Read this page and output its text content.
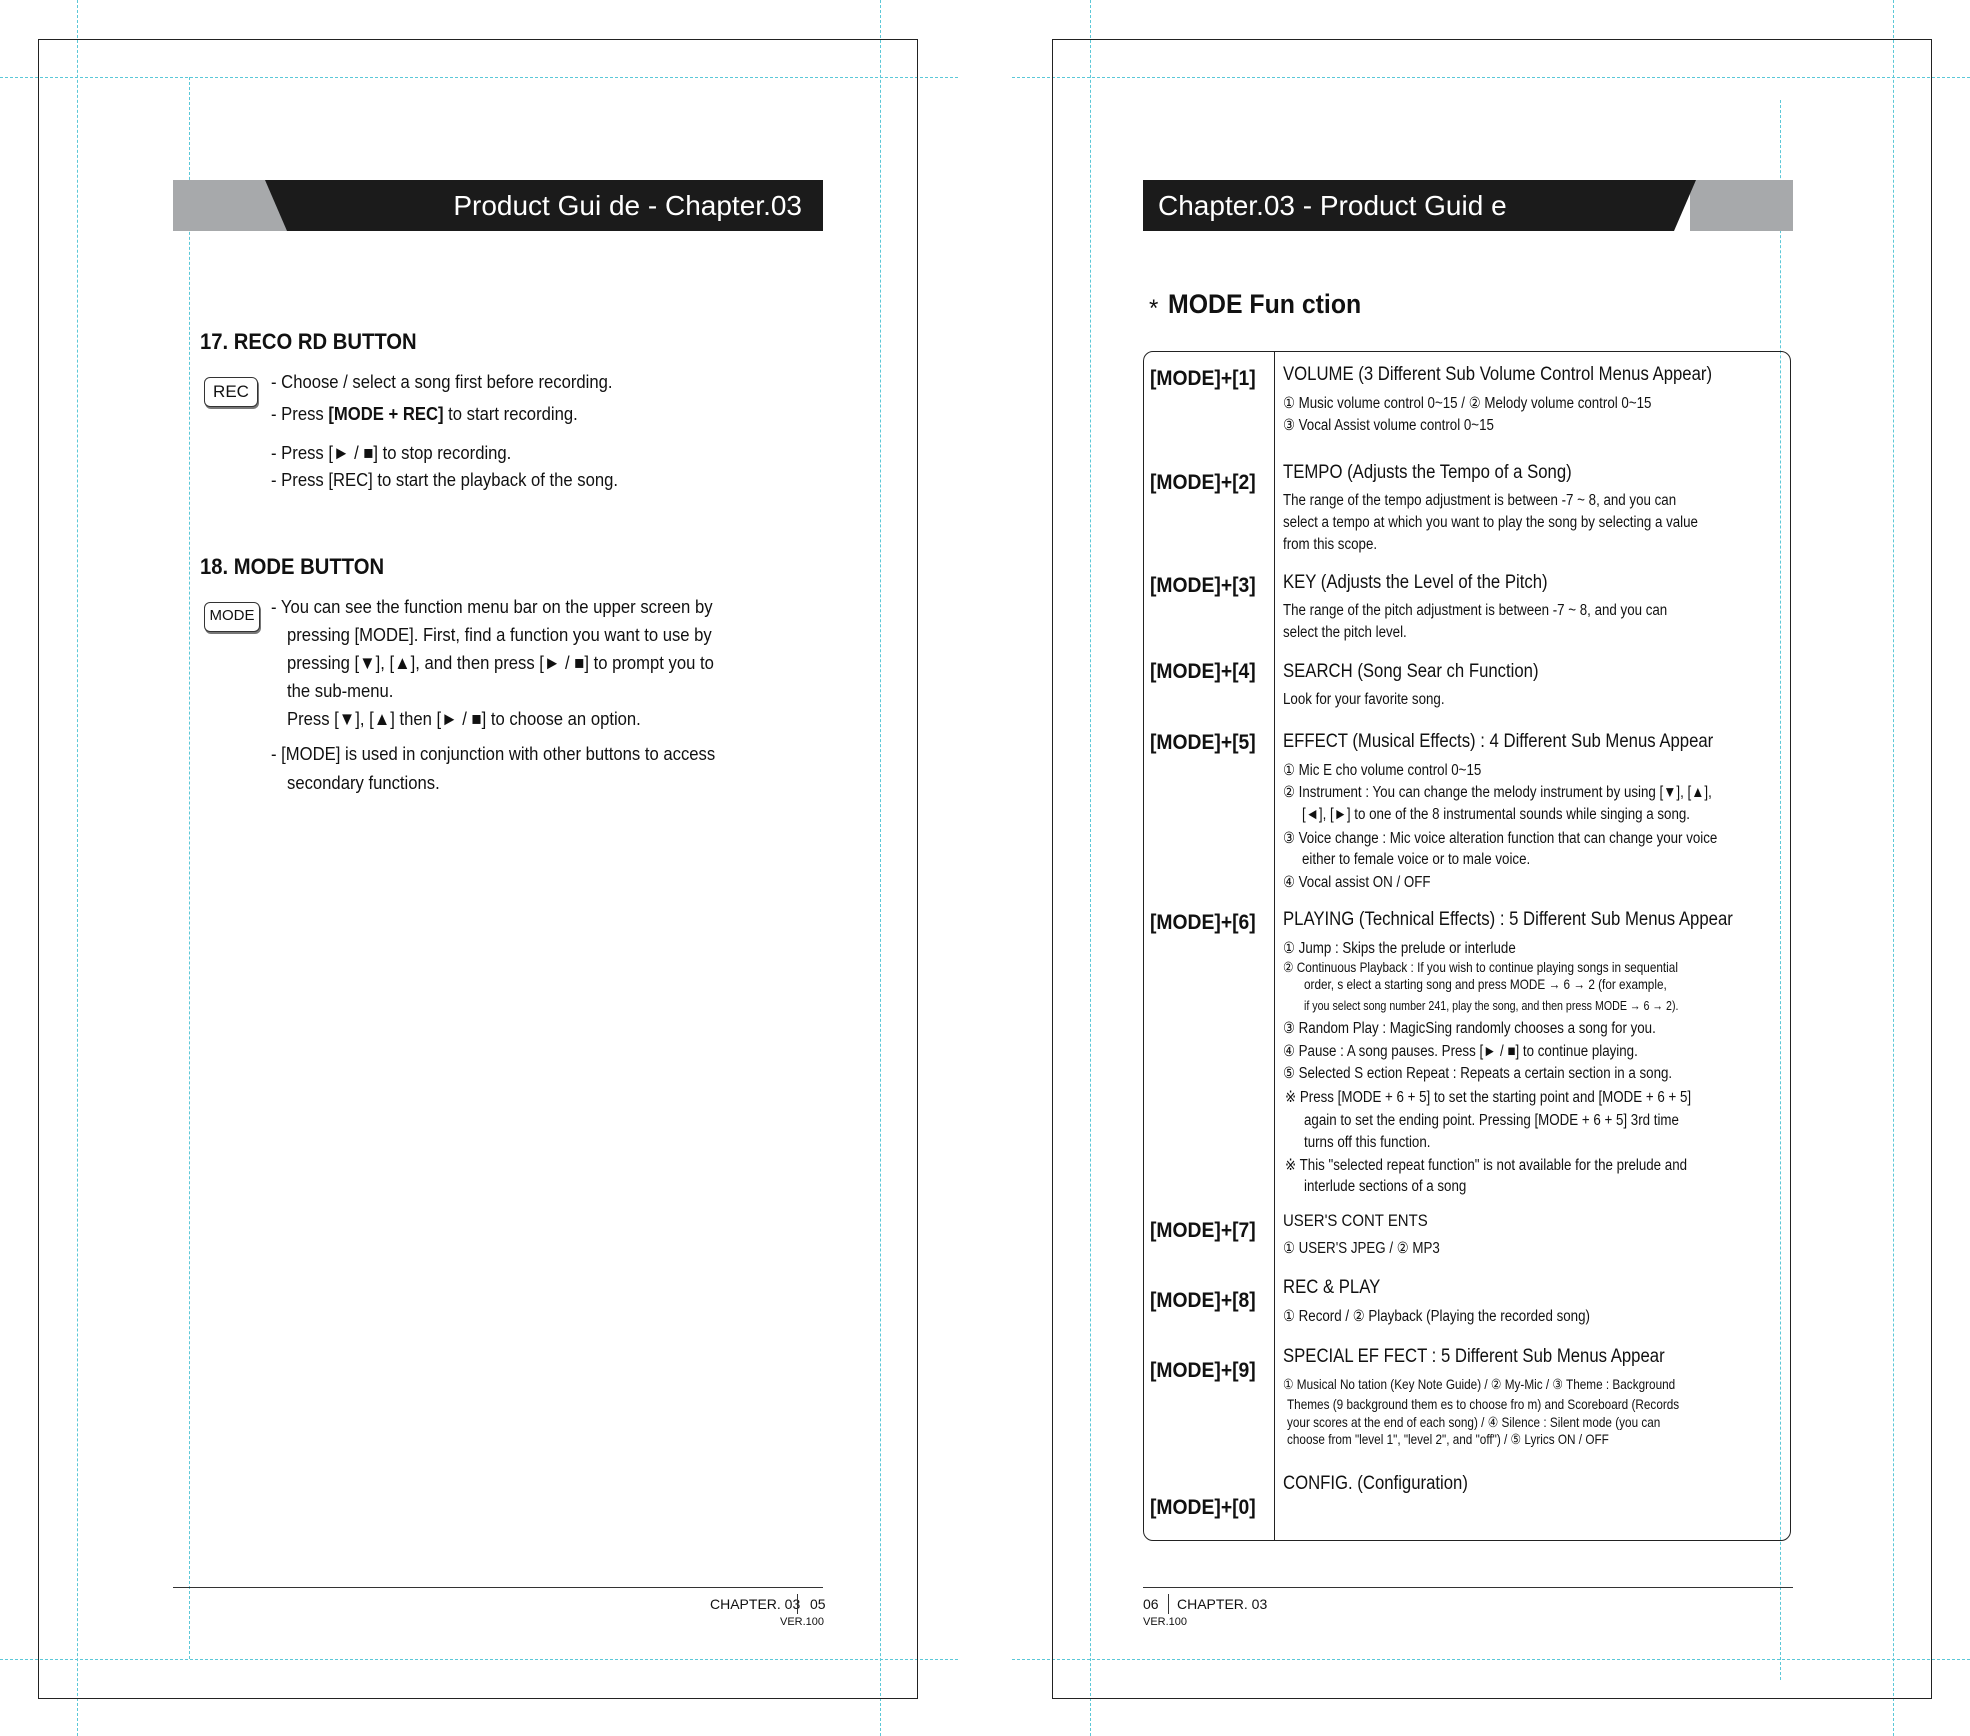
Product Gui de - Chapter.03
17. RECO RD BUTTON
REC	- Choose / select a song first before recording.
- Press [MODE + REC] to start recording.
- Press [► / ■] to stop recording.
- Press [REC] to start the playback of the song.
18. MODE BUTTON
MODE - You can see the function menu bar on the upper screen by
pressing [MODE]. First, find a function you want to use by
pressing [▼], [▲], and then press [► / ■] to prompt you to
the sub-menu.
Press [▼], [▲] then [► / ■] to choose an option.
- [MODE] is used in conjunction with other buttons to access
secondary functions.
CHAPTER. 03 05
VER.100
Chapter.03 - Product Guid e
* MODE Fun ction
[MODE]+[1] VOLUME (3 Different Sub Volume Control Menus Appear)
① Music volume control 0~15 / ② Melody volume control 0~15
③ Vocal Assist volume control 0~15
[MODE]+[2] TEMPO (Adjusts the Tempo of a Song)
The range of the tempo adjustment is between -7 ~ 8, and you can
select a tempo at which you want to play the song by selecting a value
from this scope.
[MODE]+[3] KEY (Adjusts the Level of the Pitch)
The range of the pitch adjustment is between -7 ~ 8, and you can
select the pitch level.
[MODE]+[4] SEARCH (Song Sear ch Function)
Look for your favorite song.
[MODE]+[5] EFFECT (Musical Effects) : 4 Different Sub Menus Appear
① Mic E cho volume control 0~15
② Instrument : You can change the melody instrument by using [▼], [▲],
[◄], [►] to one of the 8 instrumental sounds while singing a song.
③ Voice change : Mic voice alteration function that can change your voice
either to female voice or to male voice.
④ Vocal assist ON / OFF
[MODE]+[6] PLAYING (Technical Effects) : 5 Different Sub Menus Appear
① Jump : Skips the prelude or interlude
② Continuous Playback : If you wish to continue playing songs in sequential
order, s elect a starting song and press MODE → 6 → 2 (for example,
if you select song number 241, play the song, and then press MODE → 6 → 2).
③ Random Play : MagicSing randomly chooses a song for you.
④ Pause : A song pauses. Press [► / ■] to continue playing.
⑤ Selected S ection Repeat : Repeats a certain section in a song.
※ Press [MODE + 6 + 5] to set the starting point and [MODE + 6 + 5]
again to set the ending point. Pressing [MODE + 6 + 5] 3rd time
turns off this function.
※ This "selected repeat function" is not available for the prelude and
interlude sections of a song
[MODE]+[7] USER'S CONT ENTS
① USER'S JPEG / ② MP3
[MODE]+[8]
REC & PLAY
① Record / ② Playback (Playing the recorded song)
[MODE]+[9]
SPECIAL EF FECT : 5 Different Sub Menus Appear
① Musical No tation (Key Note Guide) / ② My-Mic / ③ Theme : Background
Themes (9 background them es to choose fro m) and Scoreboard (Records
your scores at the end of each song) / ④ Silence : Silent mode (you can
choose from "level 1", "level 2", and "off") / ⑤ Lyrics ON / OFF
[MODE]+[0]
CONFIG. (Configuration)
06 CHAPTER. 03
VER.100
